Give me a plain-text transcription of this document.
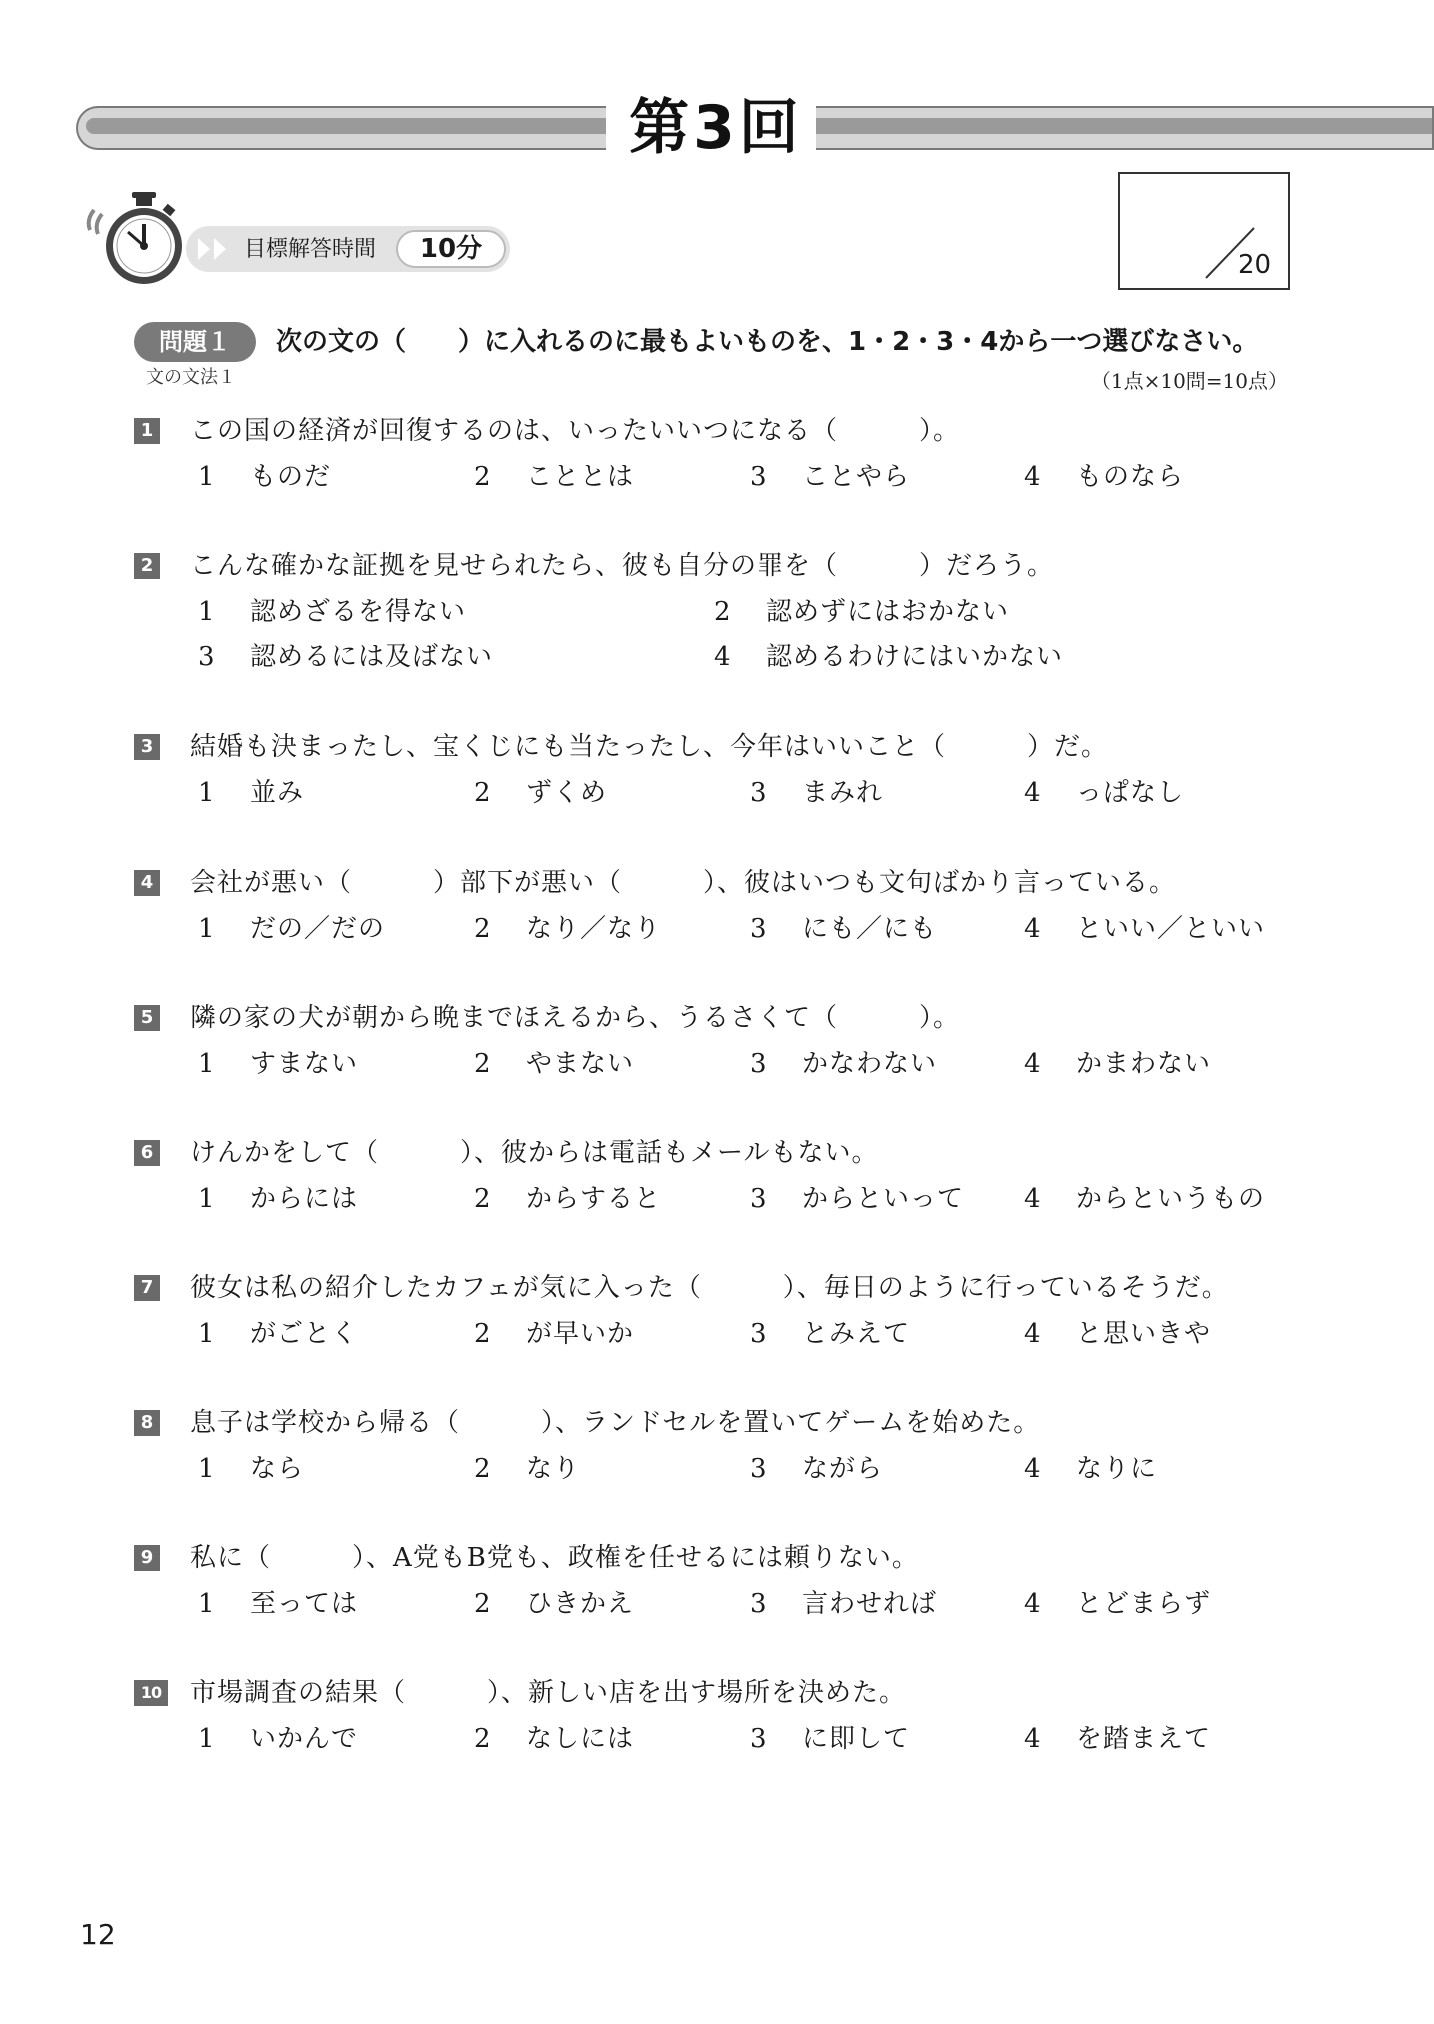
第3回
目標解答時間	10分
20
問題１	次の文の（　　）に入れるのに最もよいものを、1・2・3・4から一つ選びなさい。
文の文法１	（1点×10問=10点）
1 この国の経済が回復するのは、いったいいつになる（　　　）。
1 ものだ	2 こととは	3 ことやら	4 ものなら
2 こんな確かな証拠を見せられたら、彼も自分の罪を（　　　）だろう。
1 認めざるを得ない	2 認めずにはおかない
3 認めるには及ばない	4 認めるわけにはいかない
3 結婚も決まったし、宝くじにも当たったし、今年はいいこと（　　　）だ。
1 並み	2 ずくめ	3 まみれ	4 っぱなし
4 会社が悪い（　　　）部下が悪い（　　　）、彼はいつも文句ばかり言っている。
1 だの／だの	2 なり／なり	3 にも／にも	4 といい／といい
5 隣の家の犬が朝から晩までほえるから、うるさくて（　　　）。
1 すまない	2 やまない	3 かなわない	4 かまわない
6 けんかをして（　　　）、彼からは電話もメールもない。
1 からには	2 からすると	3 からといって 4 からというもの
7 彼女は私の紹介したカフェが気に入った（　　　）、毎日のように行っているそうだ。
1 がごとく	2 が早いか	3 とみえて	4 と思いきや
8 息子は学校から帰る（　　　）、ランドセルを置いてゲームを始めた。
1 なら	2 なり	3 ながら	4 なりに
9 私に（　　　）、A党もB党も、政権を任せるには頼りない。
1 至っては	2 ひきかえ	3 言わせれば	4 とどまらず
10 市場調査の結果（　　　）、新しい店を出す場所を決めた。
1 いかんで	2 なしには	3 に即して	4 を踏まえて
12
